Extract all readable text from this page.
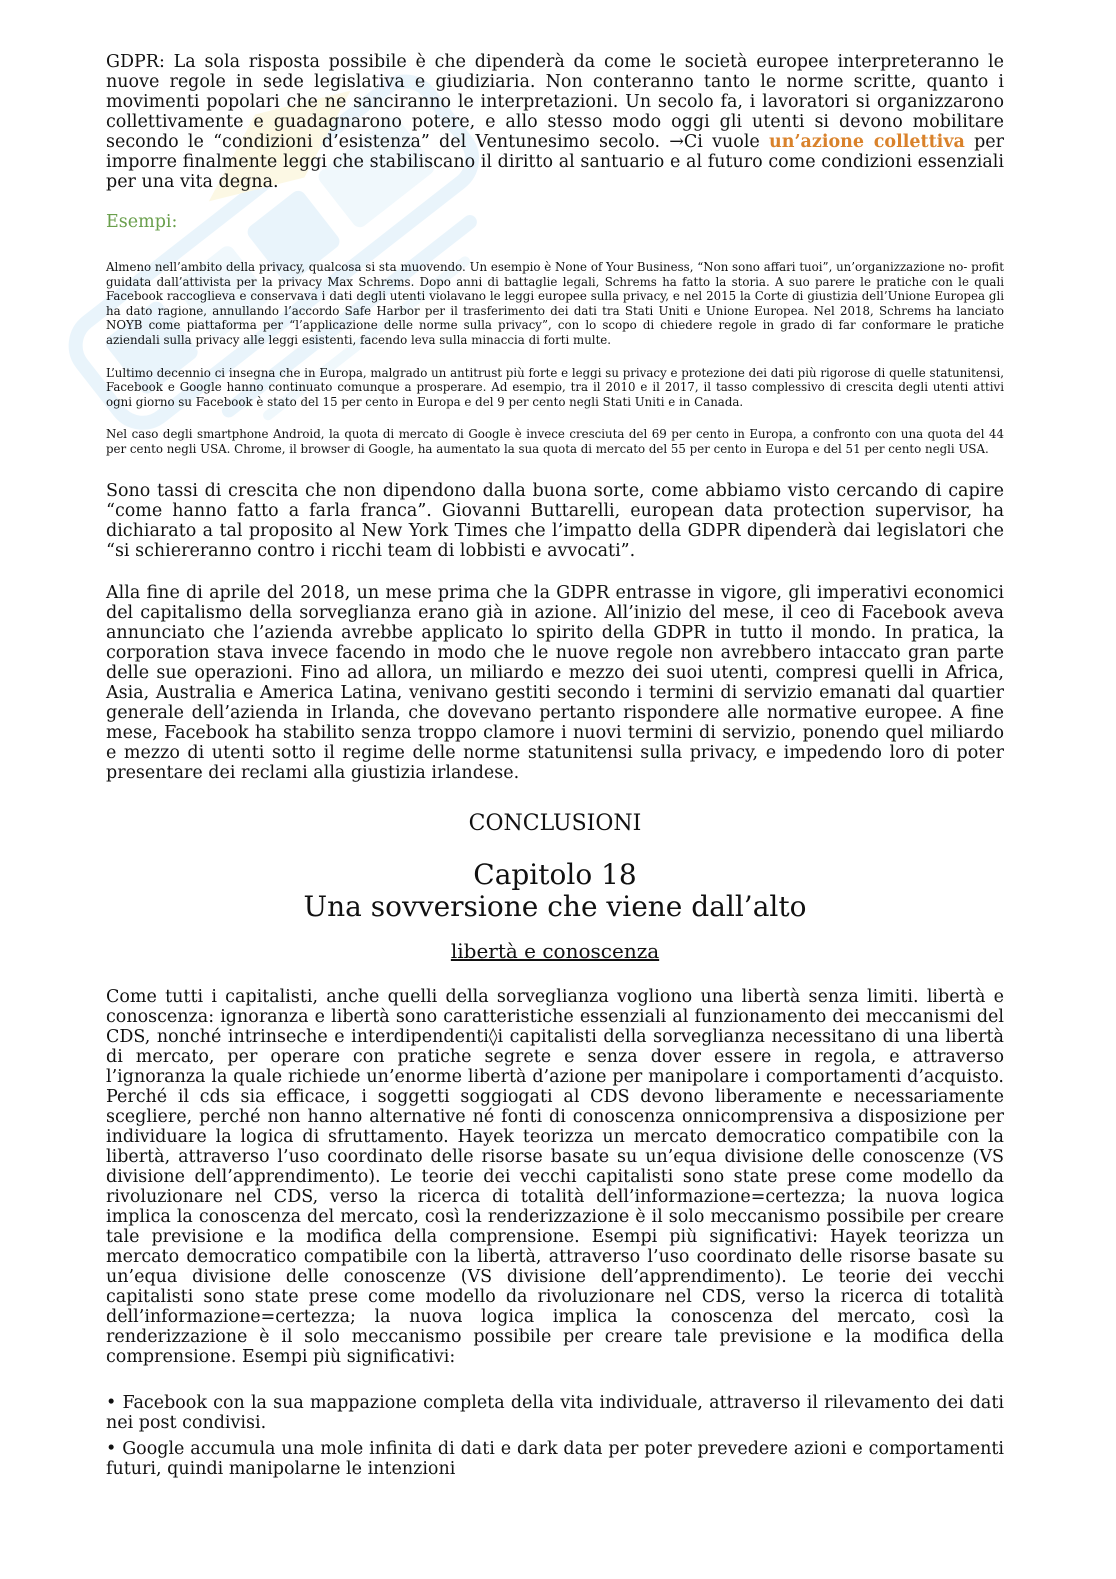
GDPR: La sola risposta possibile è che dipenderà da come le società europee interpreteranno le nuove regole in sede legislativa e giudiziaria. Non conteranno tanto le norme scritte, quanto i movimenti popolari che ne sanciranno le interpretazioni. Un secolo fa, i lavoratori si organizzarono collettivamente e guadagnarono potere, e allo stesso modo oggi gli utenti si devono mobilitare secondo le “condizioni d’esistenza” del Ventunesimo secolo. →Ci vuole un’azione collettiva per imporre finalmente leggi che stabiliscano il diritto al santuario e al futuro come condizioni essenziali per una vita degna.

Esempi:

Almeno nell’ambito della privacy, qualcosa si sta muovendo. Un esempio è None of Your Business, “Non sono affari tuoi”, un’organizzazione no- profit guidata dall’attivista per la privacy Max Schrems. Dopo anni di battaglie legali, Schrems ha fatto la storia. A suo parere le pratiche con le quali Facebook raccoglieva e conservava i dati degli utenti violavano le leggi europee sulla privacy, e nel 2015 la Corte di giustizia dell’Unione Europea gli ha dato ragione, annullando l’accordo Safe Harbor per il trasferimento dei dati tra Stati Uniti e Unione Europea. Nel 2018, Schrems ha lanciato NOYB come piattaforma per “l’applicazione delle norme sulla privacy”, con lo scopo di chiedere regole in grado di far conformare le pratiche aziendali sulla privacy alle leggi esistenti, facendo leva sulla minaccia di forti multe.

L’ultimo decennio ci insegna che in Europa, malgrado un antitrust più forte e leggi su privacy e protezione dei dati più rigorose di quelle statunitensi, Facebook e Google hanno continuato comunque a prosperare. Ad esempio, tra il 2010 e il 2017, il tasso complessivo di crescita degli utenti attivi ogni giorno su Facebook è stato del 15 per cento in Europa e del 9 per cento negli Stati Uniti e in Canada.

Nel caso degli smartphone Android, la quota di mercato di Google è invece cresciuta del 69 per cento in Europa, a confronto con una quota del 44 per cento negli USA. Chrome, il browser di Google, ha aumentato la sua quota di mercato del 55 per cento in Europa e del 51 per cento negli USA.

Sono tassi di crescita che non dipendono dalla buona sorte, come abbiamo visto cercando di capire “come hanno fatto a farla franca”. Giovanni Buttarelli, european data protection supervisor, ha dichiarato a tal proposito al New York Times che l’impatto della GDPR dipenderà dai legislatori che “si schiereranno contro i ricchi team di lobbisti e avvocati”.

Alla fine di aprile del 2018, un mese prima che la GDPR entrasse in vigore, gli imperativi economici del capitalismo della sorveglianza erano già in azione. All’inizio del mese, il ceo di Facebook aveva annunciato che l’azienda avrebbe applicato lo spirito della GDPR in tutto il mondo. In pratica, la corporation stava invece facendo in modo che le nuove regole non avrebbero intaccato gran parte delle sue operazioni. Fino ad allora, un miliardo e mezzo dei suoi utenti, compresi quelli in Africa, Asia, Australia e America Latina, venivano gestiti secondo i termini di servizio emanati dal quartier generale dell’azienda in Irlanda, che dovevano pertanto rispondere alle normative europee. A fine mese, Facebook ha stabilito senza troppo clamore i nuovi termini di servizio, ponendo quel miliardo e mezzo di utenti sotto il regime delle norme statunitensi sulla privacy, e impedendo loro di poter presentare dei reclami alla giustizia irlandese.

CONCLUSIONI

Capitolo 18

Una sovversione che viene dall’alto

libertà e conoscenza

Come tutti i capitalisti, anche quelli della sorveglianza vogliono una libertà senza limiti. libertà e conoscenza: ignoranza e libertà sono caratteristiche essenziali al funzionamento dei meccanismi del CDS, nonché intrinseche e interdipendenti◊i capitalisti della sorveglianza necessitano di una libertà di mercato, per operare con pratiche segrete e senza dover essere in regola, e attraverso l’ignoranza la quale richiede un’enorme libertà d’azione per manipolare i comportamenti d’acquisto. Perché il cds sia efficace, i soggetti soggiogati al CDS devono liberamente e necessariamente scegliere, perché non hanno alternative né fonti di conoscenza onnicomprensiva a disposizione per individuare la logica di sfruttamento. Hayek teorizza un mercato democratico compatibile con la libertà, attraverso l’uso coordinato delle risorse basate su un’equa divisione delle conoscenze (VS divisione dell’apprendimento). Le teorie dei vecchi capitalisti sono state prese come modello da rivoluzionare nel CDS, verso la ricerca di totalità dell’informazione=certezza; la nuova logica implica la conoscenza del mercato, così la renderizzazione è il solo meccanismo possibile per creare tale previsione e la modifica della comprensione. Esempi più significativi: Hayek teorizza un mercato democratico compatibile con la libertà, attraverso l’uso coordinato delle risorse basate su un’equa divisione delle conoscenze (VS divisione dell’apprendimento). Le teorie dei vecchi capitalisti sono state prese come modello da rivoluzionare nel CDS, verso la ricerca di totalità dell’informazione=certezza; la nuova logica implica la conoscenza del mercato, così la renderizzazione è il solo meccanismo possibile per creare tale previsione e la modifica della comprensione. Esempi più significativi:

• Facebook con la sua mappazione completa della vita individuale, attraverso il rilevamento dei dati nei post condivisi.

• Google accumula una mole infinita di dati e dark data per poter prevedere azioni e comportamenti futuri, quindi manipolarne le intenzioni
